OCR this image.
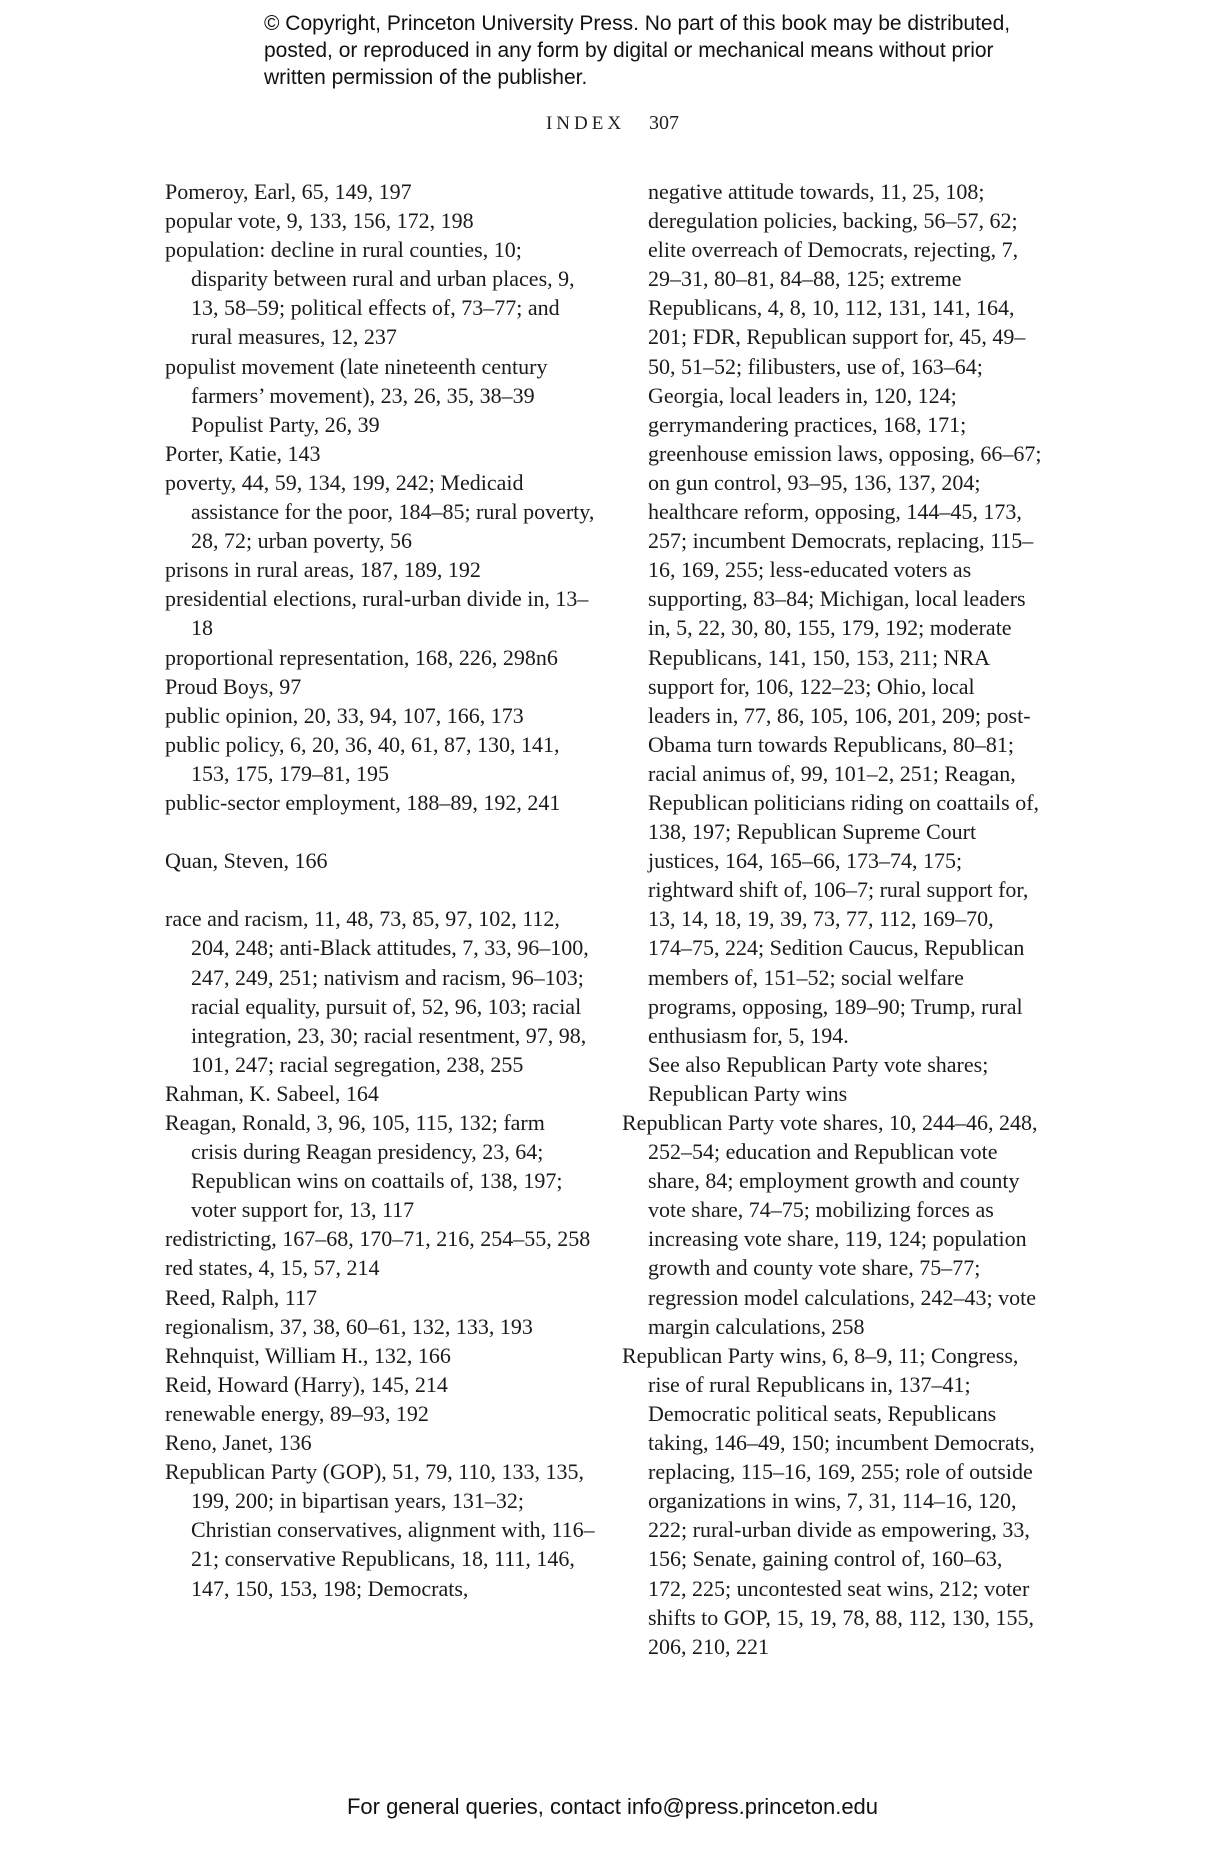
© Copyright, Princeton University Press. No part of this book may be distributed, posted, or reproduced in any form by digital or mechanical means without prior written permission of the publisher.
INDEX 307
Pomeroy, Earl, 65, 149, 197
popular vote, 9, 133, 156, 172, 198
population: decline in rural counties, 10; disparity between rural and urban places, 9, 13, 58–59; political effects of, 73–77; and rural measures, 12, 237
populist movement (late nineteenth century farmers’ movement), 23, 26, 35, 38–39 Populist Party, 26, 39
Porter, Katie, 143
poverty, 44, 59, 134, 199, 242; Medicaid assistance for the poor, 184–85; rural poverty, 28, 72; urban poverty, 56
prisons in rural areas, 187, 189, 192
presidential elections, rural-urban divide in, 13–18
proportional representation, 168, 226, 298n6
Proud Boys, 97
public opinion, 20, 33, 94, 107, 166, 173
public policy, 6, 20, 36, 40, 61, 87, 130, 141, 153, 175, 179–81, 195
public-sector employment, 188–89, 192, 241
Quan, Steven, 166
race and racism, 11, 48, 73, 85, 97, 102, 112, 204, 248; anti-Black attitudes, 7, 33, 96–100, 247, 249, 251; nativism and racism, 96–103; racial equality, pursuit of, 52, 96, 103; racial integration, 23, 30; racial resentment, 97, 98, 101, 247; racial segregation, 238, 255
Rahman, K. Sabeel, 164
Reagan, Ronald, 3, 96, 105, 115, 132; farm crisis during Reagan presidency, 23, 64; Republican wins on coattails of, 138, 197; voter support for, 13, 117
redistricting, 167–68, 170–71, 216, 254–55, 258
red states, 4, 15, 57, 214
Reed, Ralph, 117
regionalism, 37, 38, 60–61, 132, 133, 193
Rehnquist, William H., 132, 166
Reid, Howard (Harry), 145, 214
renewable energy, 89–93, 192
Reno, Janet, 136
Republican Party (GOP), 51, 79, 110, 133, 135, 199, 200; in bipartisan years, 131–32; Christian conservatives, alignment with, 116–21; conservative Republicans, 18, 111, 146, 147, 150, 153, 198; Democrats,
negative attitude towards, 11, 25, 108; deregulation policies, backing, 56–57, 62; elite overreach of Democrats, rejecting, 7, 29–31, 80–81, 84–88, 125; extreme Republicans, 4, 8, 10, 112, 131, 141, 164, 201; FDR, Republican support for, 45, 49–50, 51–52; filibusters, use of, 163–64; Georgia, local leaders in, 120, 124; gerrymandering practices, 168, 171; greenhouse emission laws, opposing, 66–67; on gun control, 93–95, 136, 137, 204; healthcare reform, opposing, 144–45, 173, 257; incumbent Democrats, replacing, 115–16, 169, 255; less-educated voters as supporting, 83–84; Michigan, local leaders in, 5, 22, 30, 80, 155, 179, 192; moderate Republicans, 141, 150, 153, 211; NRA support for, 106, 122–23; Ohio, local leaders in, 77, 86, 105, 106, 201, 209; post-Obama turn towards Republicans, 80–81; racial animus of, 99, 101–2, 251; Reagan, Republican politicians riding on coattails of, 138, 197; Republican Supreme Court justices, 164, 165–66, 173–74, 175; rightward shift of, 106–7; rural support for, 13, 14, 18, 19, 39, 73, 77, 112, 169–70, 174–75, 224; Sedition Caucus, Republican members of, 151–52; social welfare programs, opposing, 189–90; Trump, rural enthusiasm for, 5, 194.
See also Republican Party vote shares; Republican Party wins
Republican Party vote shares, 10, 244–46, 248, 252–54; education and Republican vote share, 84; employment growth and county vote share, 74–75; mobilizing forces as increasing vote share, 119, 124; population growth and county vote share, 75–77; regression model calculations, 242–43; vote margin calculations, 258
Republican Party wins, 6, 8–9, 11; Congress, rise of rural Republicans in, 137–41; Democratic political seats, Republicans taking, 146–49, 150; incumbent Democrats, replacing, 115–16, 169, 255; role of outside organizations in wins, 7, 31, 114–16, 120, 222; rural-urban divide as empowering, 33, 156; Senate, gaining control of, 160–63, 172, 225; uncontested seat wins, 212; voter shifts to GOP, 15, 19, 78, 88, 112, 130, 155, 206, 210, 221
For general queries, contact info@press.princeton.edu
